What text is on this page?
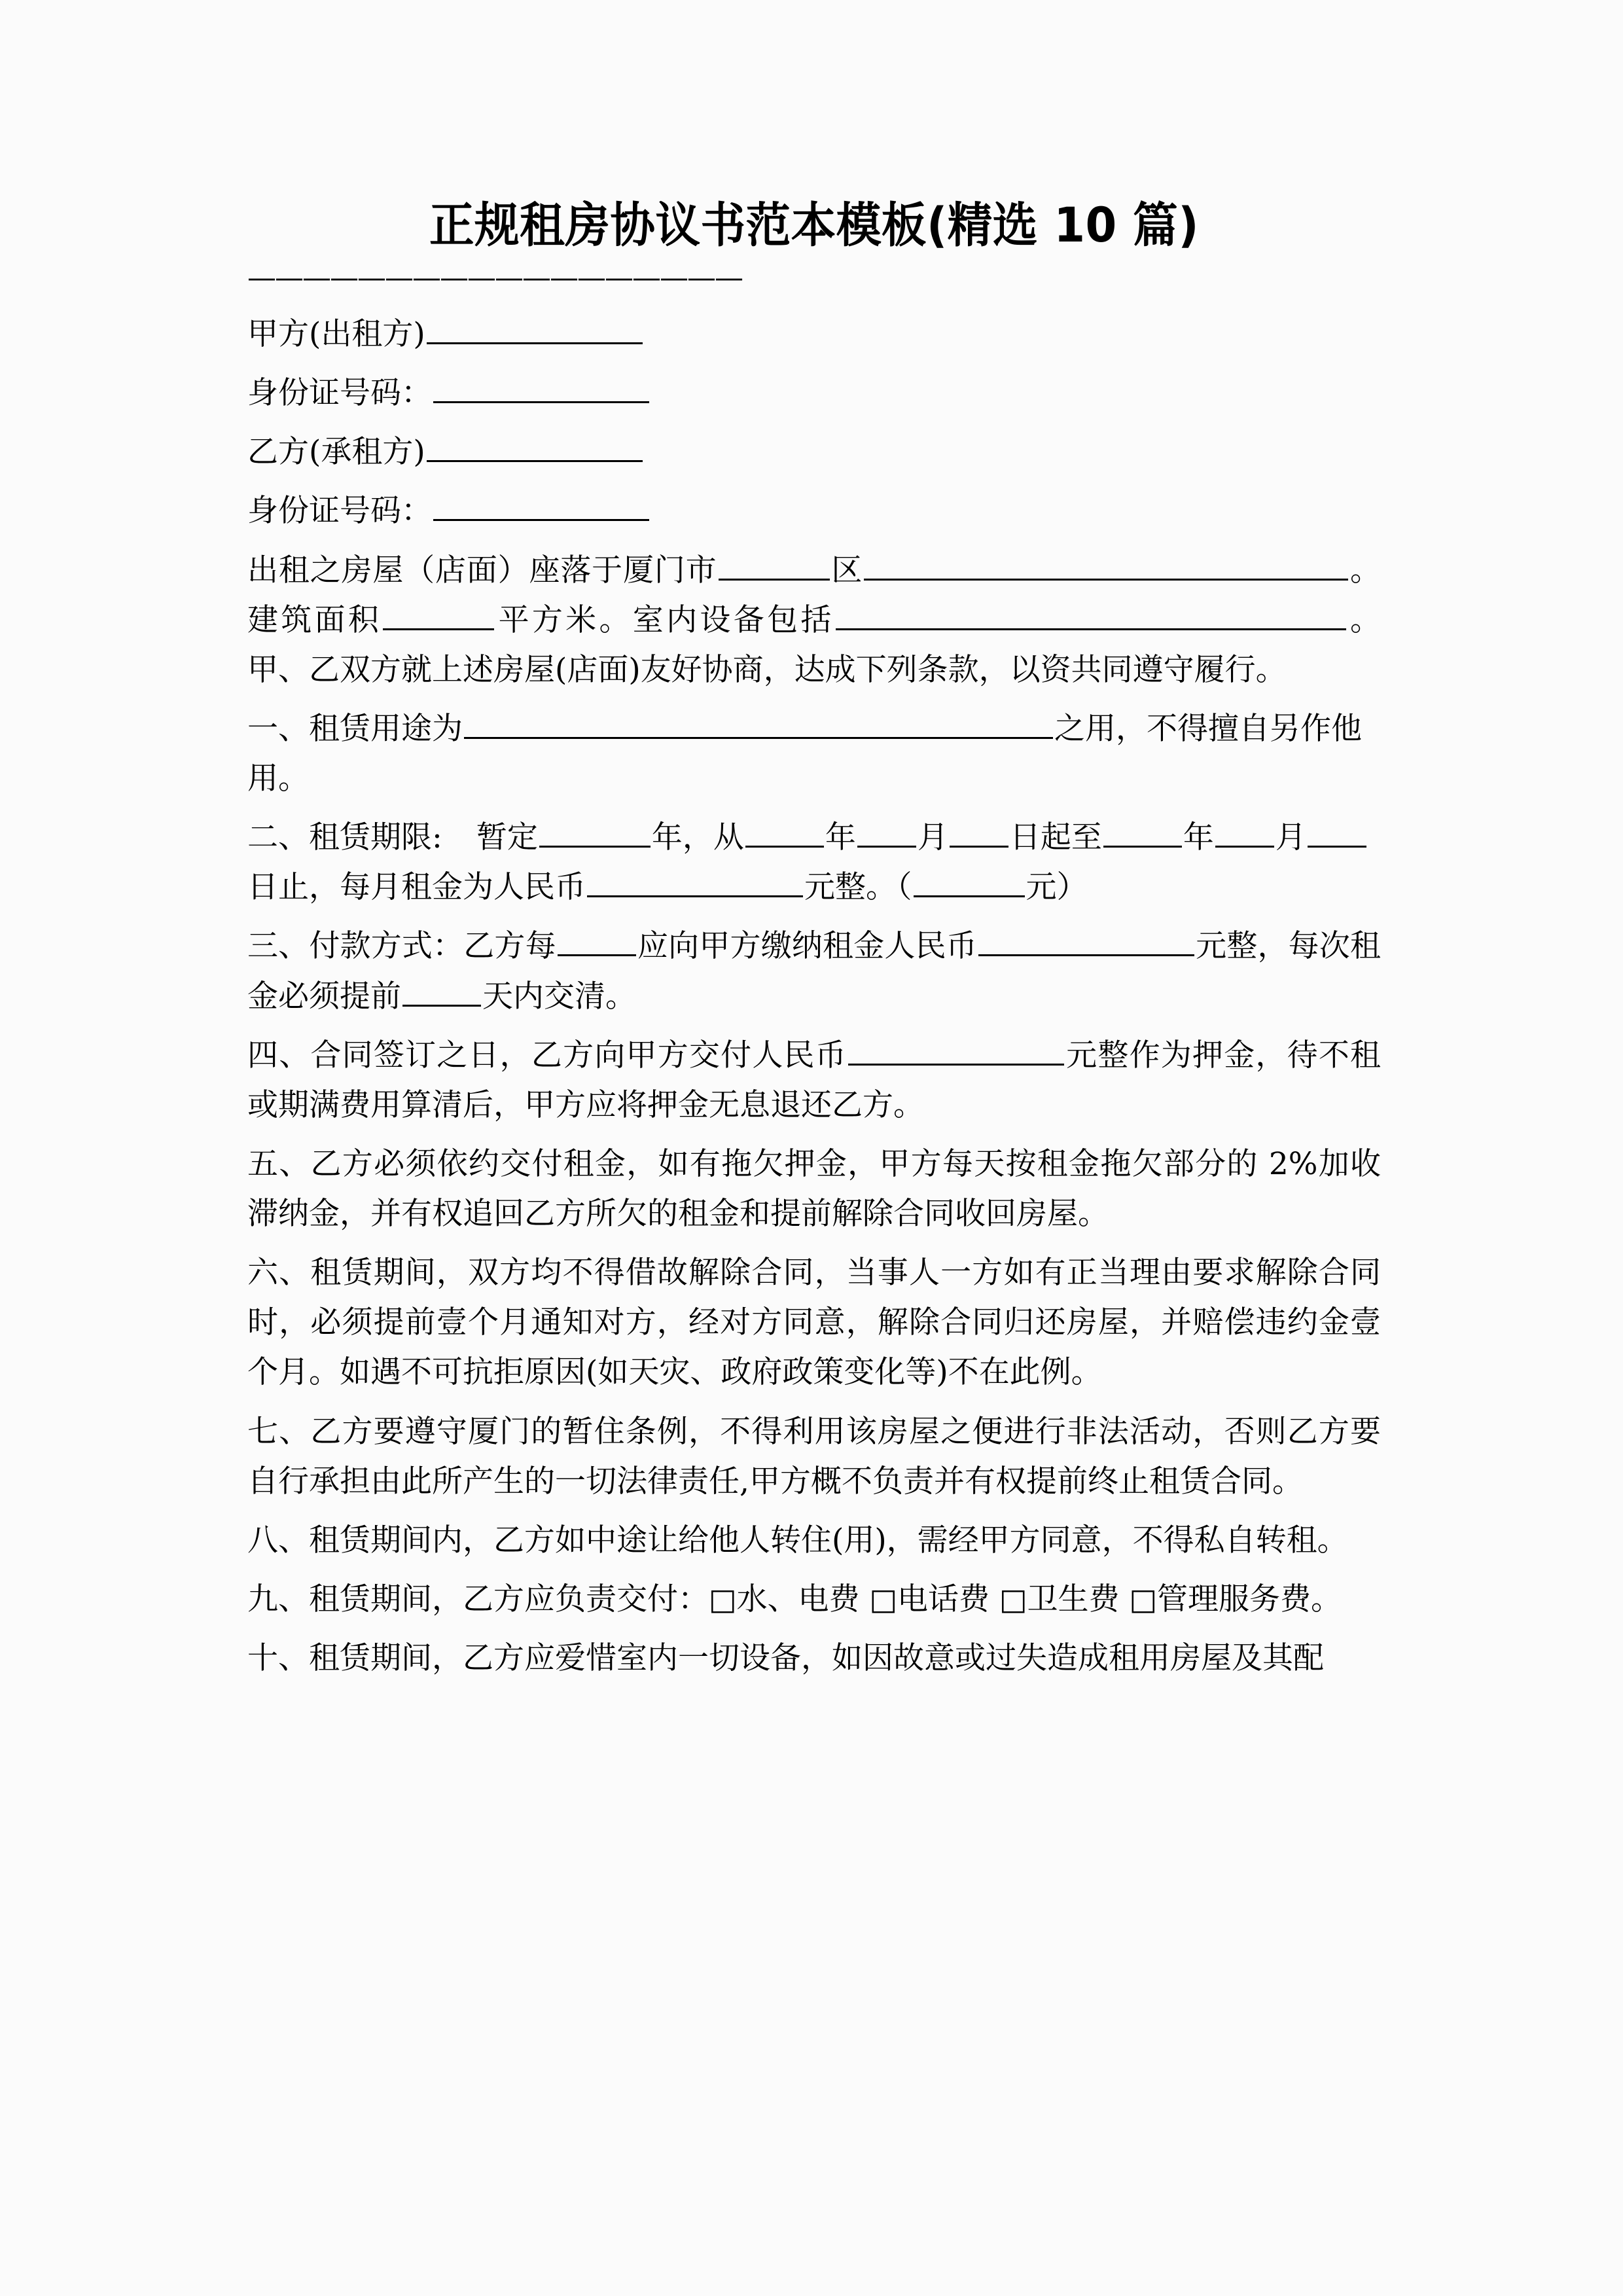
正规租房协议书范本模板(精选 10 篇)
——————————————————

甲方(出租方)

身份证号码：

乙方(承租方)

身份证号码：

出租之房屋（店面）座落于厦门市	区	。建筑面积	平方米。室内设备包括	。甲、乙双方就上述房屋(店面)友好协商，达成下列条款，以资共同遵守履行。

一、租赁用途为	之用，不得擅自另作他用。

二、租赁期限: 暂定	年，从	年 月 日起至	年 月日止，每月租金为人民币	元整。（	元）

三、付款方式：乙方每	应向甲方缴纳租金人民币	元整，每次租金必须提前	天内交清。

四、合同签订之日，乙方向甲方交付人民币	元整作为押金，待不租或期满费用算清后，甲方应将押金无息退还乙方。

五、乙方必须依约交付租金，如有拖欠押金，甲方每天按租金拖欠部分的 2%加收滞纳金，并有权追回乙方所欠的租金和提前解除合同收回房屋。

六、租赁期间，双方均不得借故解除合同，当事人一方如有正当理由要求解除合同时，必须提前壹个月通知对方，经对方同意，解除合同归还房屋，并赔偿违约金壹个月。如遇不可抗拒原因(如天灾、政府政策变化等)不在此例。

七、乙方要遵守厦门的暂住条例，不得利用该房屋之便进行非法活动，否则乙方要自行承担由此所产生的一切法律责任,甲方概不负责并有权提前终止租赁合同。

八、租赁期间内，乙方如中途让给他人转住(用)，需经甲方同意，不得私自转租。

九、租赁期间，乙方应负责交付：□水、电费 □电话费 □卫生费 □管理服务费。

十、租赁期间，乙方应爱惜室内一切设备，如因故意或过失造成租用房屋及其配
